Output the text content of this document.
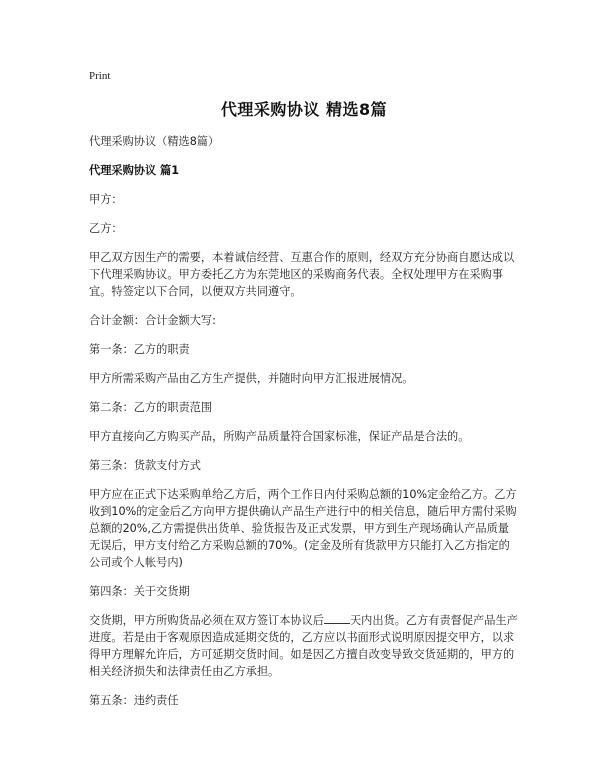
Print
代理采购协议 精选8篇

代理采购协议（精选8篇）

代理采购协议 篇1

甲方：

乙方：

甲乙双方因生产的需要，本着诚信经营、互惠合作的原则，经双方充分协商自愿达成以下代理采购协议。甲方委托乙方为东莞地区的采购商务代表。全权处理甲方在采购事宜。特签定以下合同，以便双方共同遵守。

合计金额：合计金额大写:

第一条：乙方的职责

甲方所需采购产品由乙方生产提供，并随时向甲方汇报进展情况。

第二条：乙方的职责范围

甲方直接向乙方购买产品，所购产品质量符合国家标准，保证产品是合法的。

第三条：货款支付方式

甲方应在正式下达采购单给乙方后，两个工作日内付采购总额的10%定金给乙方。乙方收到10%的定金后乙方向甲方提供确认产品生产进行中的相关信息，随后甲方需付采购总额的20%,乙方需提供出货单、验货报告及正式发票，甲方到生产现场确认产品质量无误后，甲方支付给乙方采购总额的70%。(定金及所有货款甲方只能打入乙方指定的公司或个人帐号内)

第四条：关于交货期

交货期，甲方所购货品必须在双方签订本协议后 天内出货。乙方有责督促产品生产进度。若是由于客观原因造成延期交货的，乙方应以书面形式说明原因提交甲方，以求得甲方理解允许后，方可延期交货时间。如是因乙方擅自改变导致交货延期的，甲方的相关经济损失和法律责任由乙方承担。

第五条：违约责任
